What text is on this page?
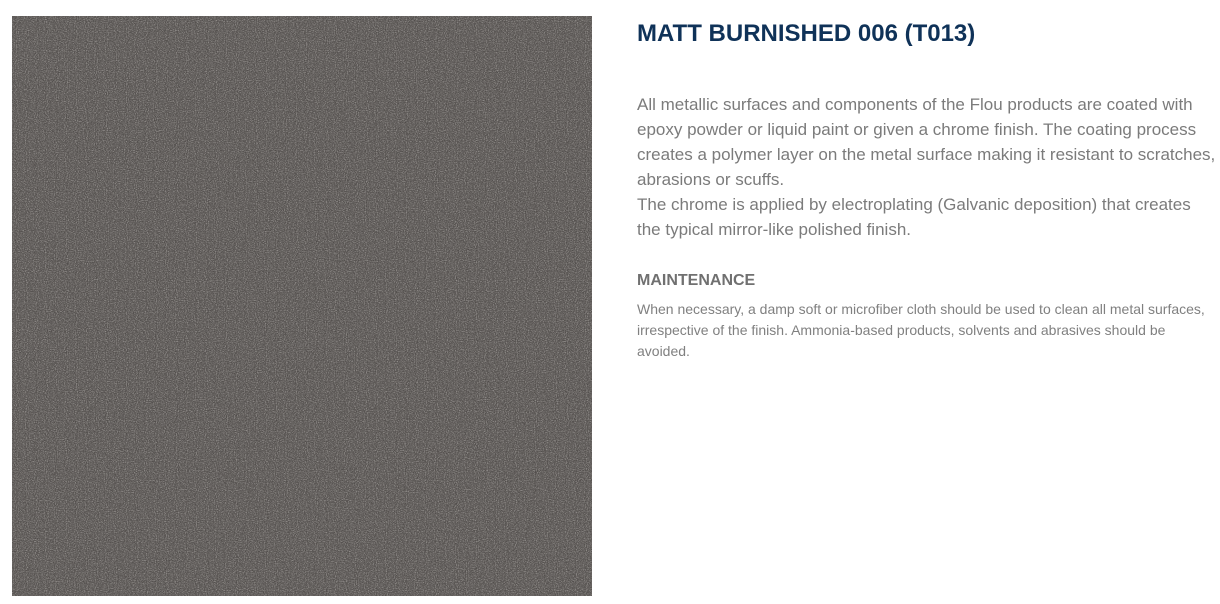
MATT BURNISHED 006 (T013)

All metallic surfaces and components of the Flou products are coated with epoxy powder or liquid paint or given a chrome finish. The coating process creates a polymer layer on the metal surface making it resistant to scratches, abrasions or scuffs.

The chrome is applied by electroplating (Galvanic deposition) that creates the typical mirror-like polished finish.

MAINTENANCE

When necessary, a damp soft or microfiber cloth should be used to clean all metal surfaces, irrespective of the finish. Ammonia-based products, solvents and abrasives should be avoided.
